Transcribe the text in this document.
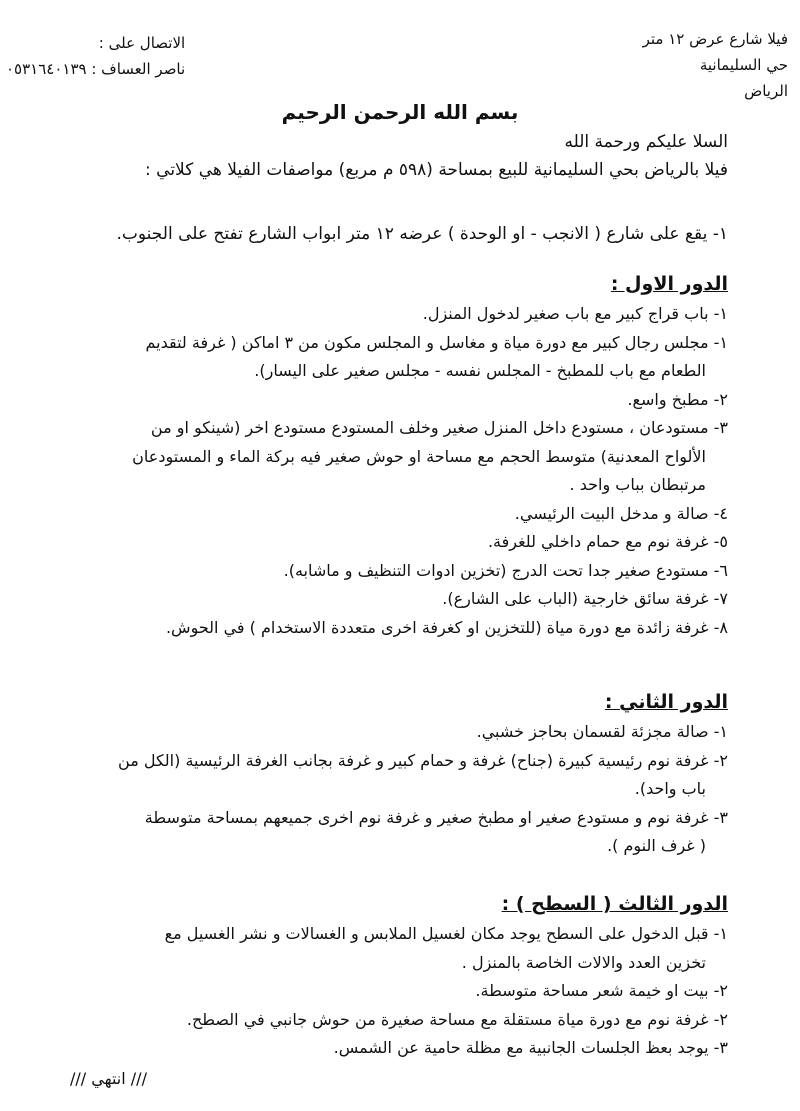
فيلا شارع عرض ١٢ متر
حي السليمانية
الرياض
الاتصال على :
ناصر العساف : ٠٥٣١٦٤٠١٣٩
بسم الله الرحمن الرحيم
السلا عليكم ورحمة الله
فيلا بالرياض بحي السليمانية للبيع بمساحة (٥٩٨ م مربع) مواصفات الفيلا هي كلاتي :
١- يقع على شارع ( الانجب - او الوحدة ) عرضه ١٢ متر ابواب الشارع تفتح على الجنوب.
الدور الاول :
١- باب قراج كبير مع باب صغير لدخول المنزل.
١- مجلس رجال كبير مع دورة مياة و مغاسل و المجلس مكون من ٣ اماكن ( غرفة لتقديم
الطعام مع باب للمطبخ - المجلس نفسه - مجلس صغير على اليسار).
٢- مطبخ واسع.
٣- مستودعان ، مستودع داخل المنزل صغير وخلف المستودع مستودع اخر (شينكو او من
الألواح المعدنية) متوسط الحجم مع مساحة او حوش صغير فيه بركة الماء و المستودعان
مرتبطان بباب واحد .
٤- صالة و مدخل البيت الرئيسي.
٥- غرفة نوم مع حمام داخلي للغرفة.
٦- مستودع صغير جدا تحت الدرج (تخزين ادوات التنظيف و ماشابه).
٧- غرفة سائق خارجية (الباب على الشارع).
٨- غرفة زائدة مع دورة مياة (للتخزين او كغرفة اخرى متعددة الاستخدام ) في الحوش.
الدور الثاني :
١- صالة مجزئة لقسمان بحاجز خشبي.
٢- غرفة نوم رئيسية كبيرة (جناح) غرفة و حمام كبير و غرفة بجانب الغرفة الرئيسية (الكل من
باب واحد).
٣- غرفة نوم و مستودع صغير او مطبخ صغير و غرفة نوم اخرى جميعهم بمساحة متوسطة
( غرف النوم ).
الدور الثالث ( السطح ) :
١- قبل الدخول على السطح يوجد مكان لغسيل الملابس و الغسالات و نشر الغسيل مع
تخزين العدد والالات الخاصة بالمنزل .
٢- بيت او خيمة شعر مساحة متوسطة.
٢- غرفة نوم مع دورة مياة مستقلة مع مساحة صغيرة من حوش جانبي في الصطح.
٣- يوجد بعظ الجلسات الجانبية مع مظلة حامية عن الشمس.
/// انتهي ///
